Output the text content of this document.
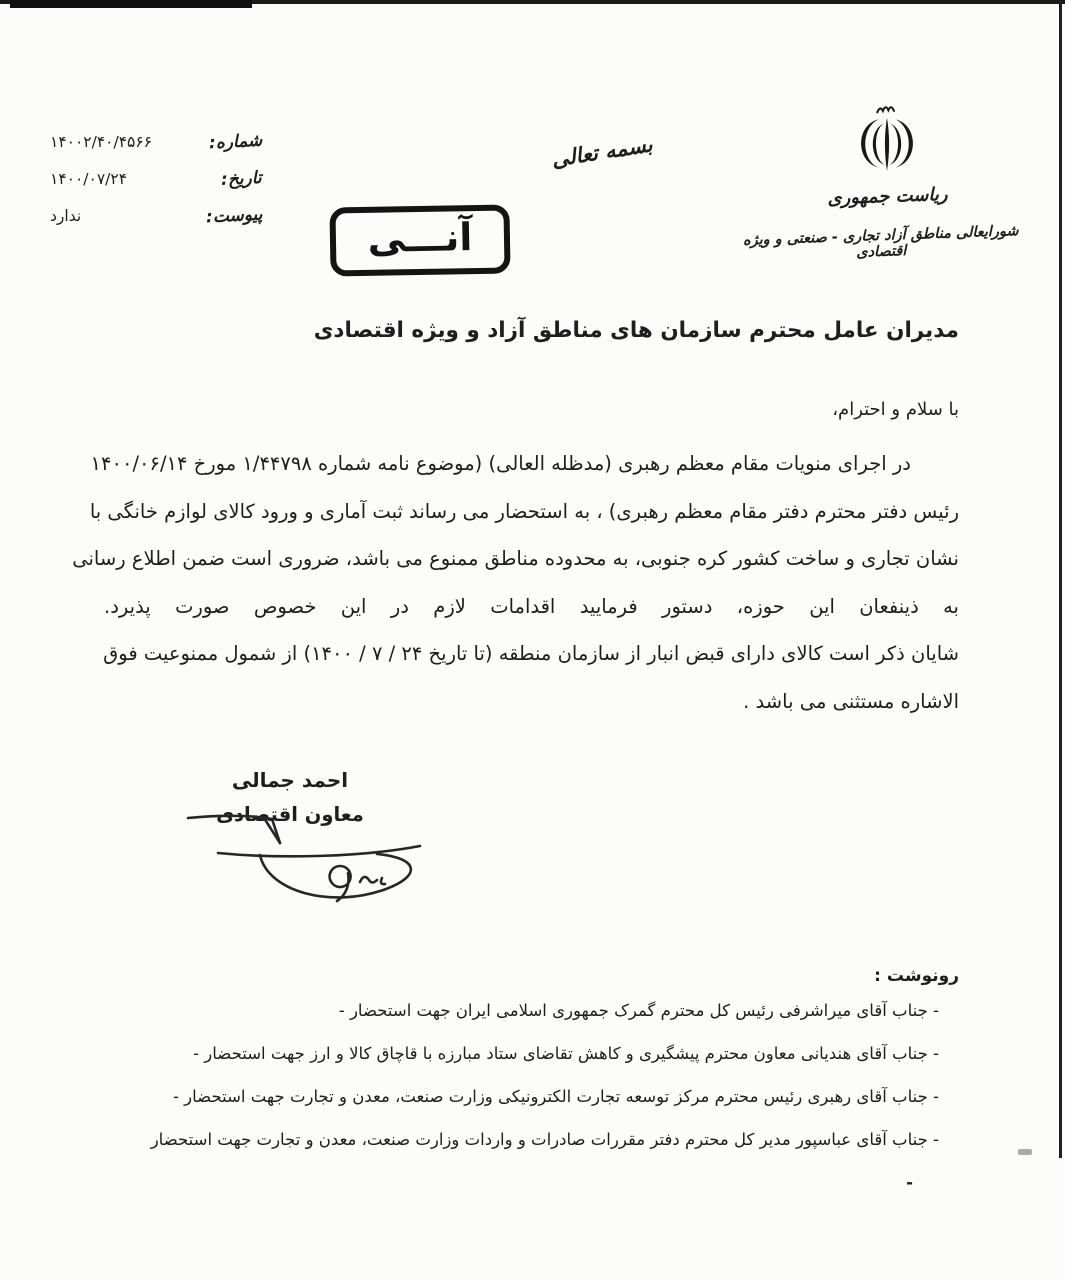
ریاست جمهوری
شورایعالی مناطق آزاد تجاری - صنعتی و ویژه اقتصادی
بسمه تعالی
آنـــی
شماره:
۱۴۰۰۲/۴۰/۴۵۶۶
تاریخ:
۱۴۰۰/۰۷/۲۴
پیوست:
ندارد
مدیران عامل محترم سازمان های مناطق آزاد و ویژه اقتصادی
با سلام و احترام،
در اجرای منویات مقام معظم رهبری (مدظله العالی) (موضوع نامه شماره ۱/۴۴۷۹۸ مورخ ۱۴۰۰/۰۶/۱۴
رئیس دفتر محترم دفتر مقام معظم رهبری) ، به استحضار می رساند ثبت آماری و ورود کالای لوازم خانگی با
نشان تجاری و ساخت کشور کره جنوبی، به محدوده مناطق ممنوع می باشد، ضروری است ضمن اطلاع رسانی
به ذینفعان این حوزه، دستور فرمایید اقدامات لازم در این خصوص صورت پذیرد.
شایان ذکر است کالای دارای قبض انبار از سازمان منطقه (تا تاریخ ۲۴ / ۷ / ۱۴۰۰) از شمول ممنوعیت فوق
الاشاره مستثنی می باشد .
احمد جمالی
معاون اقتصادی
رونوشت :
- جناب آقای میراشرفی رئیس کل محترم گمرک جمهوری اسلامی ایران جهت استحضار -
- جناب آقای هندیانی معاون محترم پیشگیری و کاهش تقاضای ستاد مبارزه با قاچاق کالا و ارز جهت استحضار -
- جناب آقای رهبری رئیس محترم مرکز توسعه تجارت الکترونیکی وزارت صنعت، معدن و تجارت جهت استحضار -
- جناب آقای عباسپور مدیر کل محترم دفتر مقررات صادرات و واردات وزارت صنعت، معدن و تجارت جهت استحضار
-
